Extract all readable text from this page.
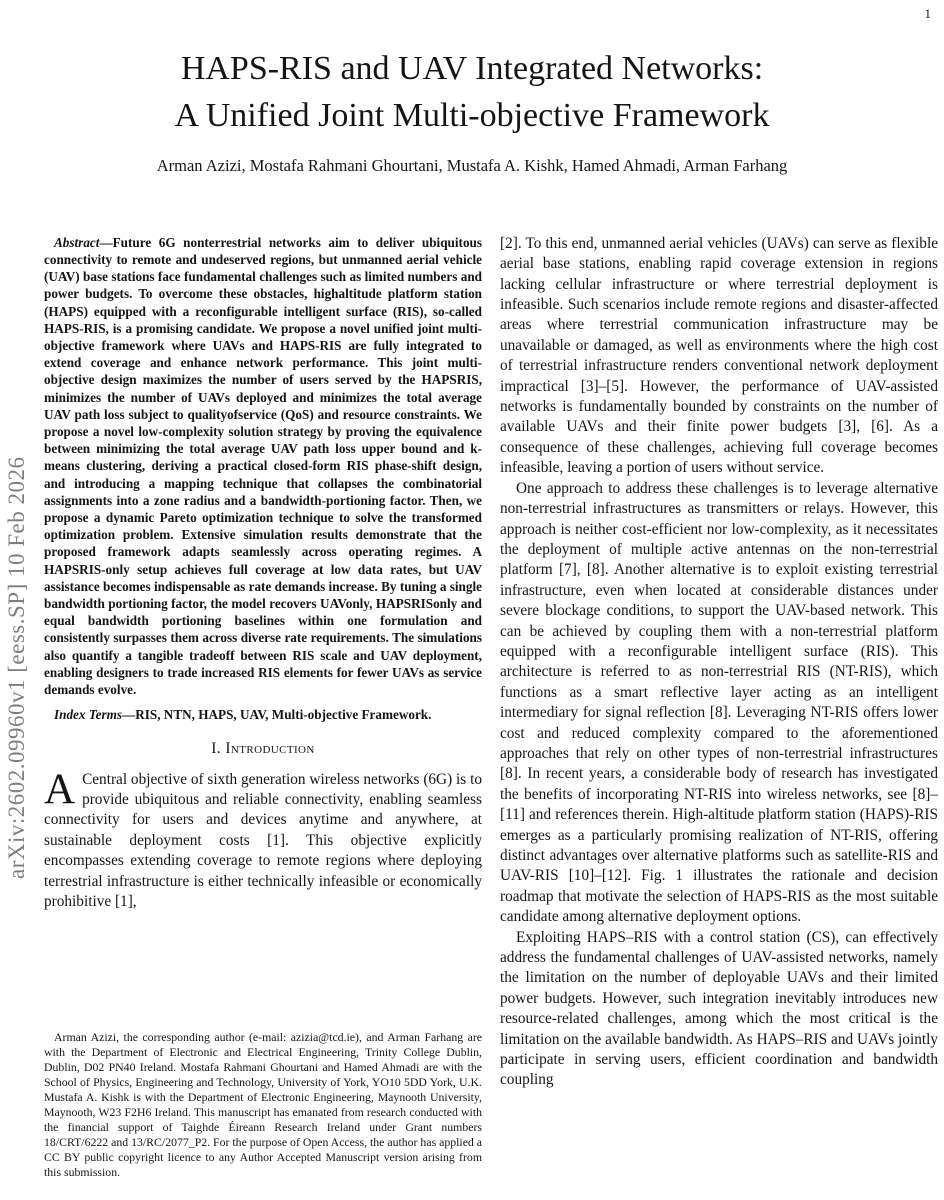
arXiv:2602.09960v1 [eess.SP] 10 Feb 2026
1
HAPS-RIS and UAV Integrated Networks:
A Unified Joint Multi-objective Framework
Arman Azizi, Mostafa Rahmani Ghourtani, Mustafa A. Kishk, Hamed Ahmadi, Arman Farhang

Abstract—Future 6G nonterrestrial networks aim to deliver ubiquitous connectivity to remote and undeserved regions, but unmanned aerial vehicle (UAV) base stations face fundamental challenges such as limited numbers and power budgets. To overcome these obstacles, highaltitude platform station (HAPS) equipped with a reconfigurable intelligent surface (RIS), so-called HAPS-RIS, is a promising candidate. We propose a novel unified joint multi-objective framework where UAVs and HAPS-RIS are fully integrated to extend coverage and enhance network performance. This joint multi-objective design maximizes the number of users served by the HAPSRIS, minimizes the number of UAVs deployed and minimizes the total average UAV path loss subject to qualityofservice (QoS) and resource constraints. We propose a novel low-complexity solution strategy by proving the equivalence between minimizing the total average UAV path loss upper bound and k-means clustering, deriving a practical closed-form RIS phase-shift design, and introducing a mapping technique that collapses the combinatorial assignments into a zone radius and a bandwidth-portioning factor. Then, we propose a dynamic Pareto optimization technique to solve the transformed optimization problem. Extensive simulation results demonstrate that the proposed framework adapts seamlessly across operating regimes. A HAPSRIS-only setup achieves full coverage at low data rates, but UAV assistance becomes indispensable as rate demands increase. By tuning a single bandwidth portioning factor, the model recovers UAVonly, HAPSRISonly and equal bandwidth portioning baselines within one formulation and consistently surpasses them across diverse rate requirements. The simulations also quantify a tangible tradeoff between RIS scale and UAV deployment, enabling designers to trade increased RIS elements for fewer UAVs as service demands evolve.

Index Terms—RIS, NTN, HAPS, UAV, Multi-objective Framework.

I. Introduction

A Central objective of sixth generation wireless networks (6G) is to provide ubiquitous and reliable connectivity, enabling seamless connectivity for users and devices anytime and anywhere, at sustainable deployment costs [1]. This objective explicitly encompasses extending coverage to remote regions where deploying terrestrial infrastructure is either technically infeasible or economically prohibitive [1],

Arman Azizi, the corresponding author (e-mail: azizia@tcd.ie), and Arman Farhang are with the Department of Electronic and Electrical Engineering, Trinity College Dublin, Dublin, D02 PN40 Ireland. Mostafa Rahmani Ghourtani and Hamed Ahmadi are with the School of Physics, Engineering and Technology, University of York, YO10 5DD York, U.K. Mustafa A. Kishk is with the Department of Electronic Engineering, Maynooth University, Maynooth, W23 F2H6 Ireland. This manuscript has emanated from research conducted with the financial support of Taighde Éireann Research Ireland under Grant numbers 18/CRT/6222 and 13/RC/2077_P2. For the purpose of Open Access, the author has applied a CC BY public copyright licence to any Author Accepted Manuscript version arising from this submission.

[2]. To this end, unmanned aerial vehicles (UAVs) can serve as flexible aerial base stations, enabling rapid coverage extension in regions lacking cellular infrastructure or where terrestrial deployment is infeasible. Such scenarios include remote regions and disaster-affected areas where terrestrial communication infrastructure may be unavailable or damaged, as well as environments where the high cost of terrestrial infrastructure renders conventional network deployment impractical [3]–[5]. However, the performance of UAV-assisted networks is fundamentally bounded by constraints on the number of available UAVs and their finite power budgets [3], [6]. As a consequence of these challenges, achieving full coverage becomes infeasible, leaving a portion of users without service.

One approach to address these challenges is to leverage alternative non-terrestrial infrastructures as transmitters or relays. However, this approach is neither cost-efficient nor low-complexity, as it necessitates the deployment of multiple active antennas on the non-terrestrial platform [7], [8]. Another alternative is to exploit existing terrestrial infrastructure, even when located at considerable distances under severe blockage conditions, to support the UAV-based network. This can be achieved by coupling them with a non-terrestrial platform equipped with a reconfigurable intelligent surface (RIS). This architecture is referred to as non-terrestrial RIS (NT-RIS), which functions as a smart reflective layer acting as an intelligent intermediary for signal reflection [8]. Leveraging NT-RIS offers lower cost and reduced complexity compared to the aforementioned approaches that rely on other types of non-terrestrial infrastructures [8]. In recent years, a considerable body of research has investigated the benefits of incorporating NT-RIS into wireless networks, see [8]–[11] and references therein. High-altitude platform station (HAPS)-RIS emerges as a particularly promising realization of NT-RIS, offering distinct advantages over alternative platforms such as satellite-RIS and UAV-RIS [10]–[12]. Fig. 1 illustrates the rationale and decision roadmap that motivate the selection of HAPS-RIS as the most suitable candidate among alternative deployment options.

Exploiting HAPS–RIS with a control station (CS), can effectively address the fundamental challenges of UAV-assisted networks, namely the limitation on the number of deployable UAVs and their limited power budgets. However, such integration inevitably introduces new resource-related challenges, among which the most critical is the limitation on the available bandwidth. As HAPS–RIS and UAVs jointly participate in serving users, efficient coordination and bandwidth coupling
